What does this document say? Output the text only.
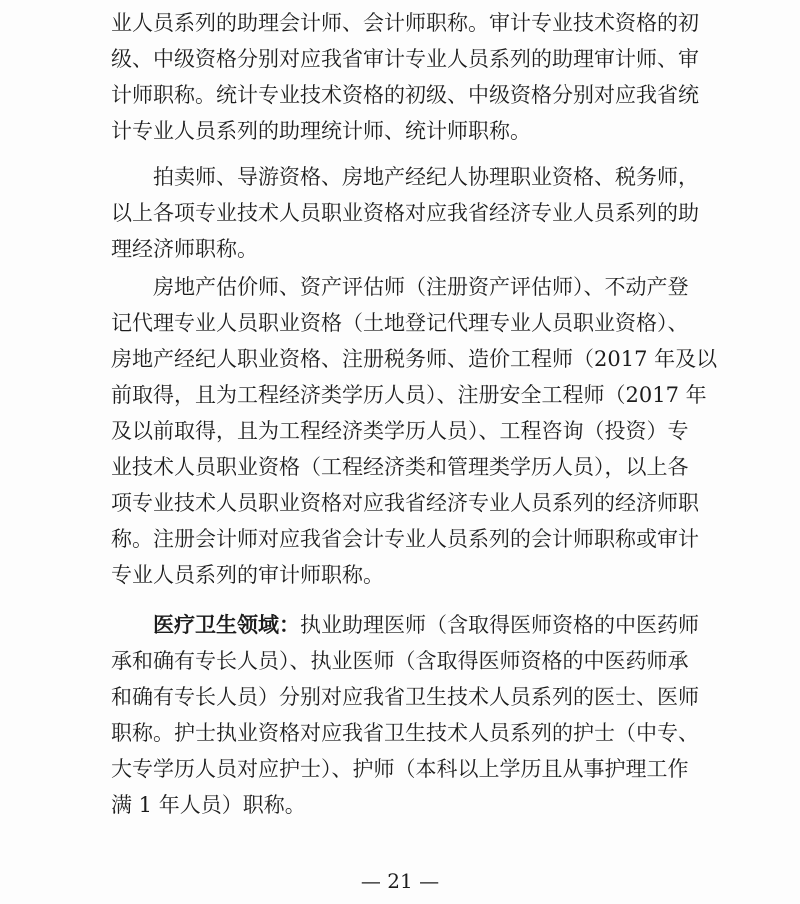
业人员系列的助理会计师、会计师职称。审计专业技术资格的初
级、中级资格分别对应我省审计专业人员系列的助理审计师、审
计师职称。统计专业技术资格的初级、中级资格分别对应我省统
计专业人员系列的助理统计师、统计师职称。
拍卖师、导游资格、房地产经纪人协理职业资格、税务师，
以上各项专业技术人员职业资格对应我省经济专业人员系列的助
理经济师职称。
房地产估价师、资产评估师（注册资产评估师）、不动产登
记代理专业人员职业资格（土地登记代理专业人员职业资格）、
房地产经纪人职业资格、注册税务师、造价工程师（2017 年及以
前取得，且为工程经济类学历人员）、注册安全工程师（2017 年
及以前取得，且为工程经济类学历人员）、工程咨询（投资）专
业技术人员职业资格（工程经济类和管理类学历人员），以上各
项专业技术人员职业资格对应我省经济专业人员系列的经济师职
称。注册会计师对应我省会计专业人员系列的会计师职称或审计
专业人员系列的审计师职称。
医疗卫生领域：执业助理医师（含取得医师资格的中医药师
承和确有专长人员）、执业医师（含取得医师资格的中医药师承
和确有专长人员）分别对应我省卫生技术人员系列的医士、医师
职称。护士执业资格对应我省卫生技术人员系列的护士（中专、
大专学历人员对应护士）、护师（本科以上学历且从事护理工作
满 1 年人员）职称。
— 21 —
